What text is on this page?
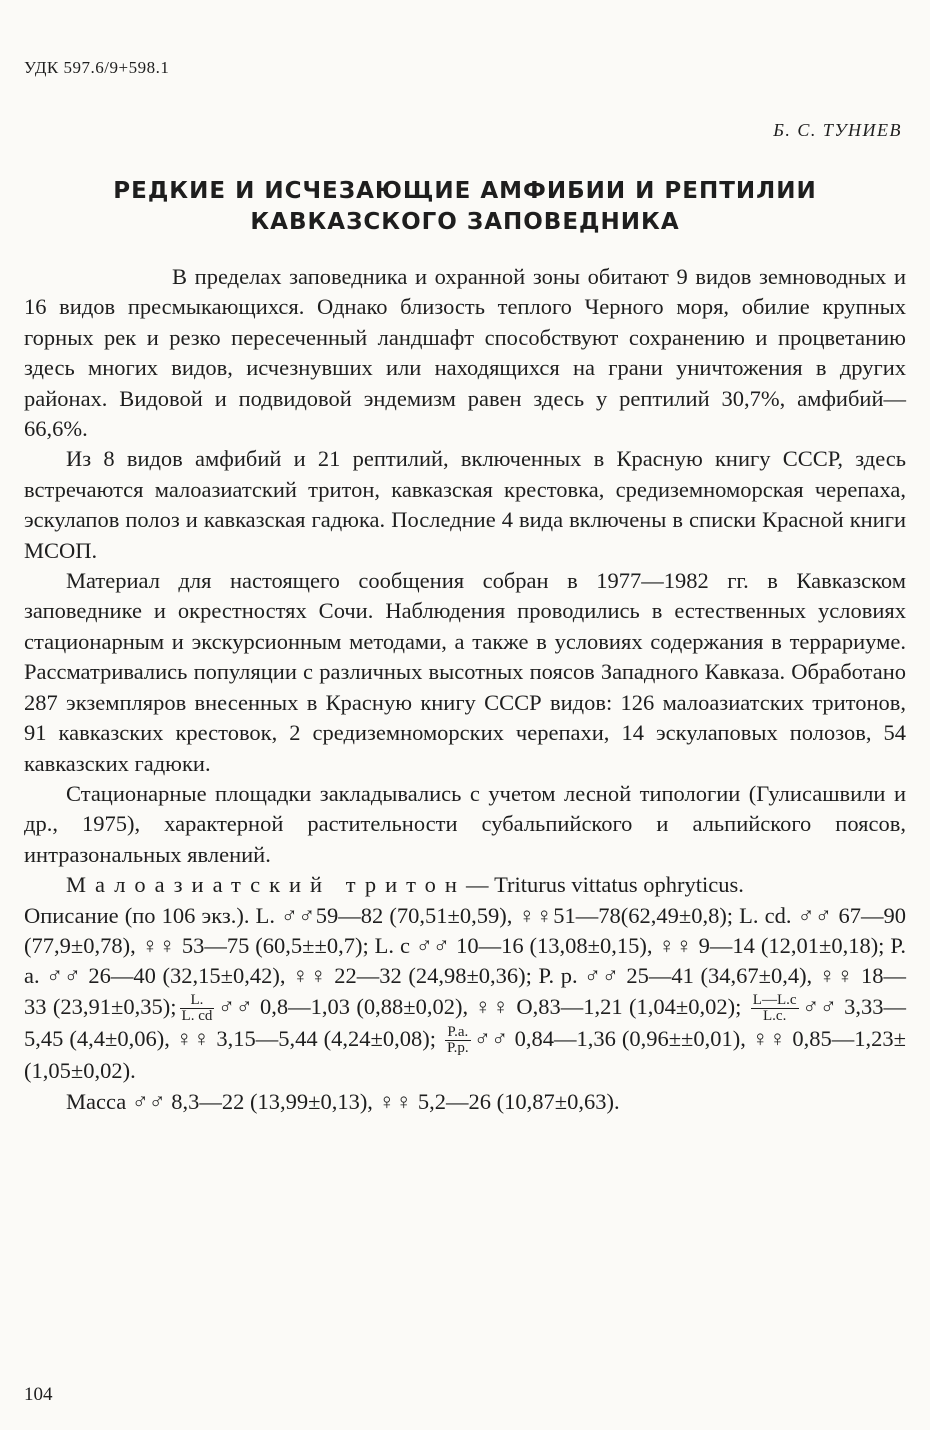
УДК 597.6/9+598.1
Б. С. ТУНИЕВ
РЕДКИЕ И ИСЧЕЗАЮЩИЕ АМФИБИИ И РЕПТИЛИИ
КАВКАЗСКОГО ЗАПОВЕДНИКА

В пределах заповедника и охранной зоны обитают 9 видов земноводных и 16 видов пресмыкающихся. Однако близость теплого Черного моря, обилие крупных горных рек и резко пересеченный ландшафт способствуют сохранению и процветанию здесь многих видов, исчезнувших или находящихся на грани уничтожения в других районах. Видовой и подвидовой эндемизм равен здесь у рептилий 30,7%, амфибий—66,6%.

Из 8 видов амфибий и 21 рептилий, включенных в Красную книгу СССР, здесь встречаются малоазиатский тритон, кавказская крестовка, средиземноморская черепаха, эскулапов полоз и кавказская гадюка. Последние 4 вида включены в списки Красной книги МСОП.

Материал для настоящего сообщения собран в 1977—1982 гг. в Кавказском заповеднике и окрестностях Сочи. Наблюдения проводились в естественных условиях стационарным и экскурсионным методами, а также в условиях содержания в террариуме. Рассматривались популяции с различных высотных поясов Западного Кавказа. Обработано 287 экземпляров внесенных в Красную книгу СССР видов: 126 малоазиатских тритонов, 91 кавказских крестовок, 2 средиземноморских черепахи, 14 эскулаповых полозов, 54 кавказских гадюки.

Стационарные площадки закладывались с учетом лесной типологии (Гулисашвили и др., 1975), характерной растительности субальпийского и альпийского поясов, интразональных явлений.

Малоазиатский тритон— Triturus vittatus ophryticus.

Описание (по 106 экз.). L. ♂♂59—82 (70,51±0,59), ♀♀51—78(62,49±0,8); L. cd. ♂♂ 67—90 (77,9±0,78), ♀♀ 53—75 (60,5±±0,7); L. c ♂♂ 10—16 (13,08±0,15), ♀♀ 9—14 (12,01±0,18); P. a. ♂♂ 26—40 (32,15±0,42), ♀♀ 22—32 (24,98±0,36); P. p. ♂♂ 25—41 (34,67±0,4), ♀♀ 18—33 (23,91±0,35); $\frac{L.}{L. cd}$ ♂♂ 0,8—1,03 (0,88±0,02), ♀♀ O,83—1,21 (1,04±0,02); $\frac{L—L.c}{L.c.}$ ♂♂ 3,33—5,45 (4,4±0,06), ♀♀ 3,15—5,44 (4,24±0,08); $\frac{P.a.}{P.p.}$ ♂♂ 0,84—1,36 (0,96±±0,01), ♀♀ 0,85—1,23±(1,05±0,02).

Масса ♂♂ 8,3—22 (13,99±0,13), ♀♀ 5,2—26 (10,87±0,63).

104
